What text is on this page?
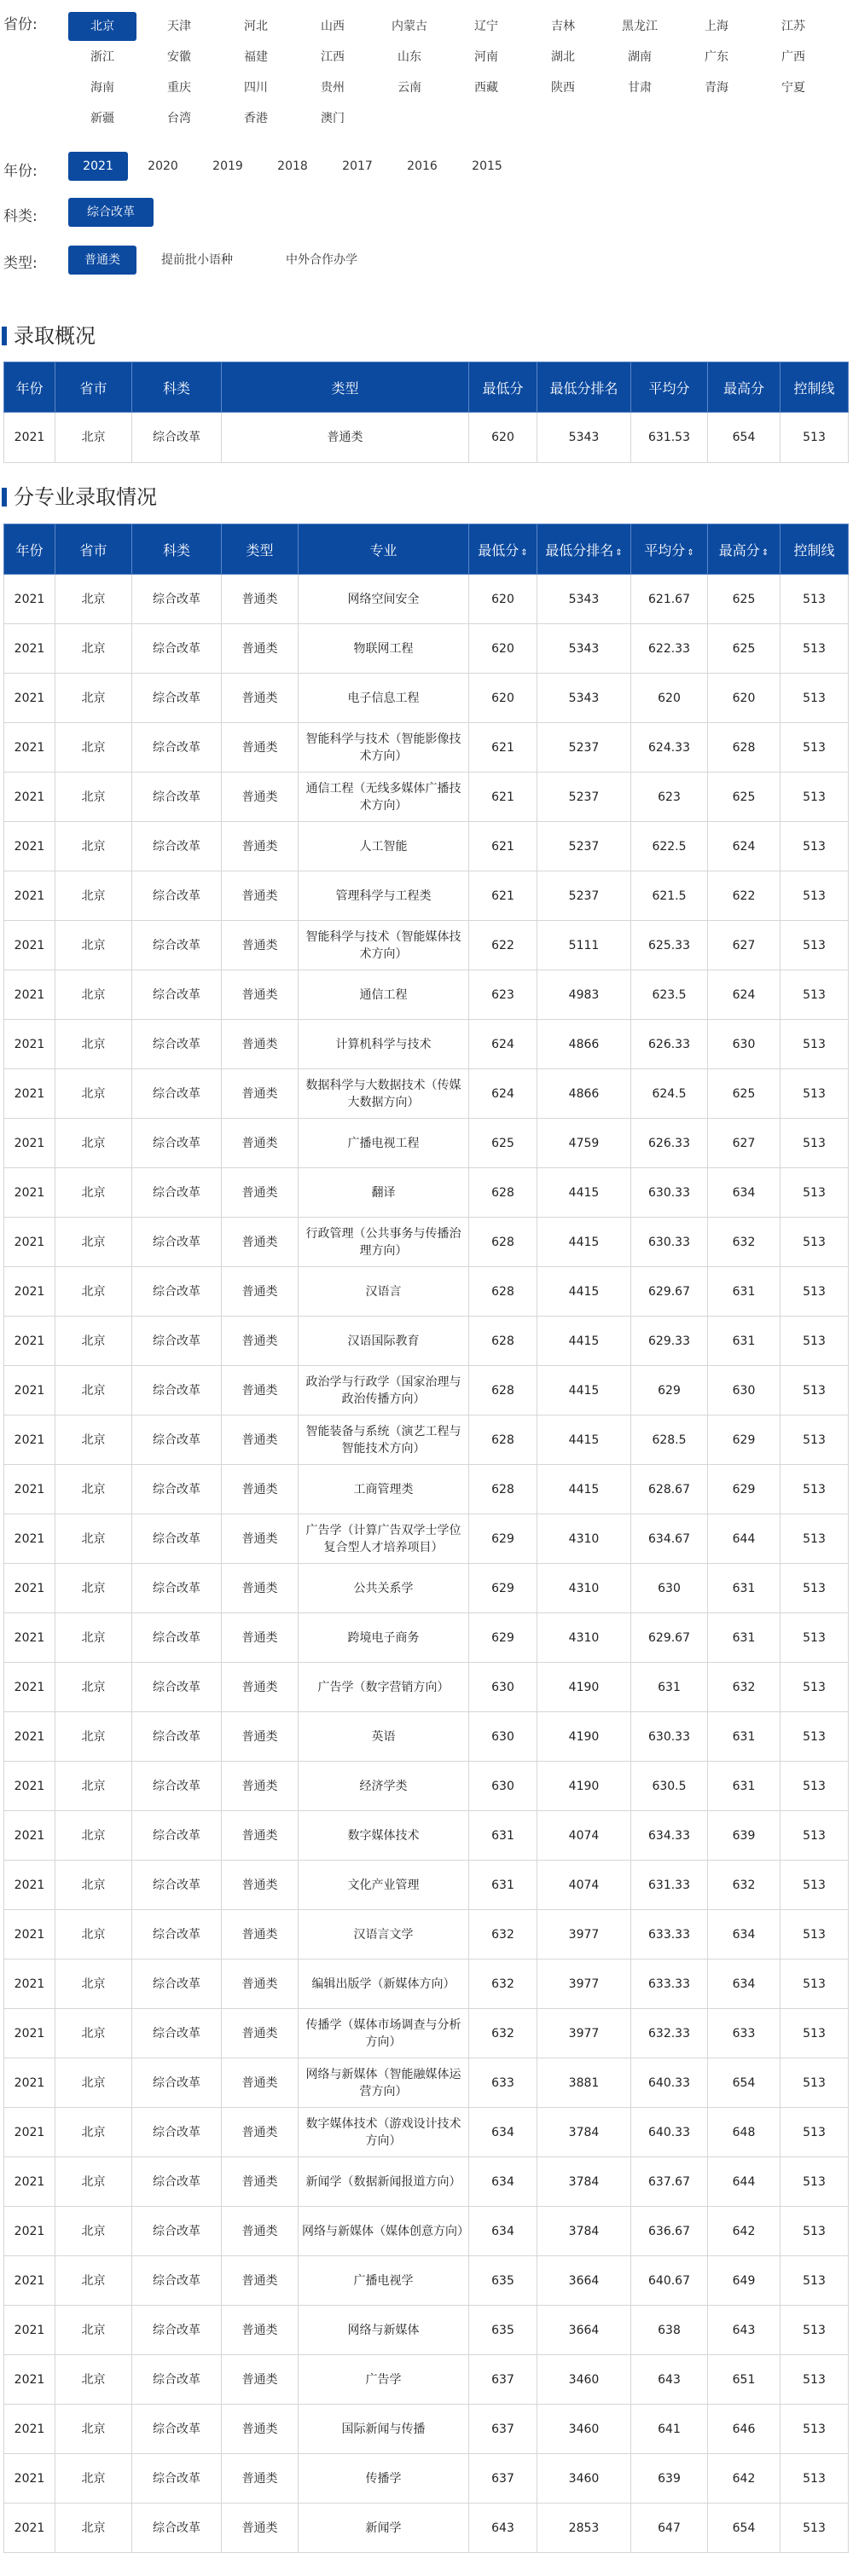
省份:	北京	天津	河北	山西	内蒙古	辽宁	吉林	黑龙江	上海	江苏
浙江	安徽	福建	江西	山东	河南	湖北	湖南	广东	广西
海南	重庆	四川	贵州	云南	西藏	陕西	甘肃	青海	宁夏
新疆	台湾	香港	澳门
年份:	2021	2020	2019	2018	2017	2016	2015
科类:	综合改革
类型:	普通类	提前批小语种	中外合作办学
录取概况
年份	省市	科类	类型	最低分	最低分排名	平均分	最高分	控制线
2021	北京	综合改革	普通类	620	5343	631.53	654	513
分专业录取情况
年份	省市	科类	类型	专业	最低分 ⇕	最低分排名 ⇕	平均分 ⇕	最高分 ⇕	控制线
2021	北京	综合改革	普通类	网络空间安全	620	5343	621.67	625	513
2021	北京	综合改革	普通类	物联网工程	620	5343	622.33	625	513
2021	北京	综合改革	普通类	电子信息工程	620	5343	620	620	513
2021	北京	综合改革	普通类	智能科学与技术（智能影像技术方向）	621	5237	624.33	628	513
2021	北京	综合改革	普通类	通信工程（无线多媒体广播技术方向）	621	5237	623	625	513
2021	北京	综合改革	普通类	人工智能	621	5237	622.5	624	513
2021	北京	综合改革	普通类	管理科学与工程类	621	5237	621.5	622	513
2021	北京	综合改革	普通类	智能科学与技术（智能媒体技术方向）	622	5111	625.33	627	513
2021	北京	综合改革	普通类	通信工程	623	4983	623.5	624	513
2021	北京	综合改革	普通类	计算机科学与技术	624	4866	626.33	630	513
2021	北京	综合改革	普通类	数据科学与大数据技术（传媒大数据方向）	624	4866	624.5	625	513
2021	北京	综合改革	普通类	广播电视工程	625	4759	626.33	627	513
2021	北京	综合改革	普通类	翻译	628	4415	630.33	634	513
2021	北京	综合改革	普通类	行政管理（公共事务与传播治理方向）	628	4415	630.33	632	513
2021	北京	综合改革	普通类	汉语言	628	4415	629.67	631	513
2021	北京	综合改革	普通类	汉语国际教育	628	4415	629.33	631	513
2021	北京	综合改革	普通类	政治学与行政学（国家治理与政治传播方向）	628	4415	629	630	513
2021	北京	综合改革	普通类	智能装备与系统（演艺工程与智能技术方向）	628	4415	628.5	629	513
2021	北京	综合改革	普通类	工商管理类	628	4415	628.67	629	513
2021	北京	综合改革	普通类	广告学（计算广告双学士学位复合型人才培养项目）	629	4310	634.67	644	513
2021	北京	综合改革	普通类	公共关系学	629	4310	630	631	513
2021	北京	综合改革	普通类	跨境电子商务	629	4310	629.67	631	513
2021	北京	综合改革	普通类	广告学（数字营销方向）	630	4190	631	632	513
2021	北京	综合改革	普通类	英语	630	4190	630.33	631	513
2021	北京	综合改革	普通类	经济学类	630	4190	630.5	631	513
2021	北京	综合改革	普通类	数字媒体技术	631	4074	634.33	639	513
2021	北京	综合改革	普通类	文化产业管理	631	4074	631.33	632	513
2021	北京	综合改革	普通类	汉语言文学	632	3977	633.33	634	513
2021	北京	综合改革	普通类	编辑出版学（新媒体方向）	632	3977	633.33	634	513
2021	北京	综合改革	普通类	传播学（媒体市场调查与分析方向）	632	3977	632.33	633	513
2021	北京	综合改革	普通类	网络与新媒体（智能融媒体运营方向）	633	3881	640.33	654	513
2021	北京	综合改革	普通类	数字媒体技术（游戏设计技术方向）	634	3784	640.33	648	513
2021	北京	综合改革	普通类	新闻学（数据新闻报道方向）	634	3784	637.67	644	513
2021	北京	综合改革	普通类	网络与新媒体（媒体创意方向）	634	3784	636.67	642	513
2021	北京	综合改革	普通类	广播电视学	635	3664	640.67	649	513
2021	北京	综合改革	普通类	网络与新媒体	635	3664	638	643	513
2021	北京	综合改革	普通类	广告学	637	3460	643	651	513
2021	北京	综合改革	普通类	国际新闻与传播	637	3460	641	646	513
2021	北京	综合改革	普通类	传播学	637	3460	639	642	513
2021	北京	综合改革	普通类	新闻学	643	2853	647	654	513
